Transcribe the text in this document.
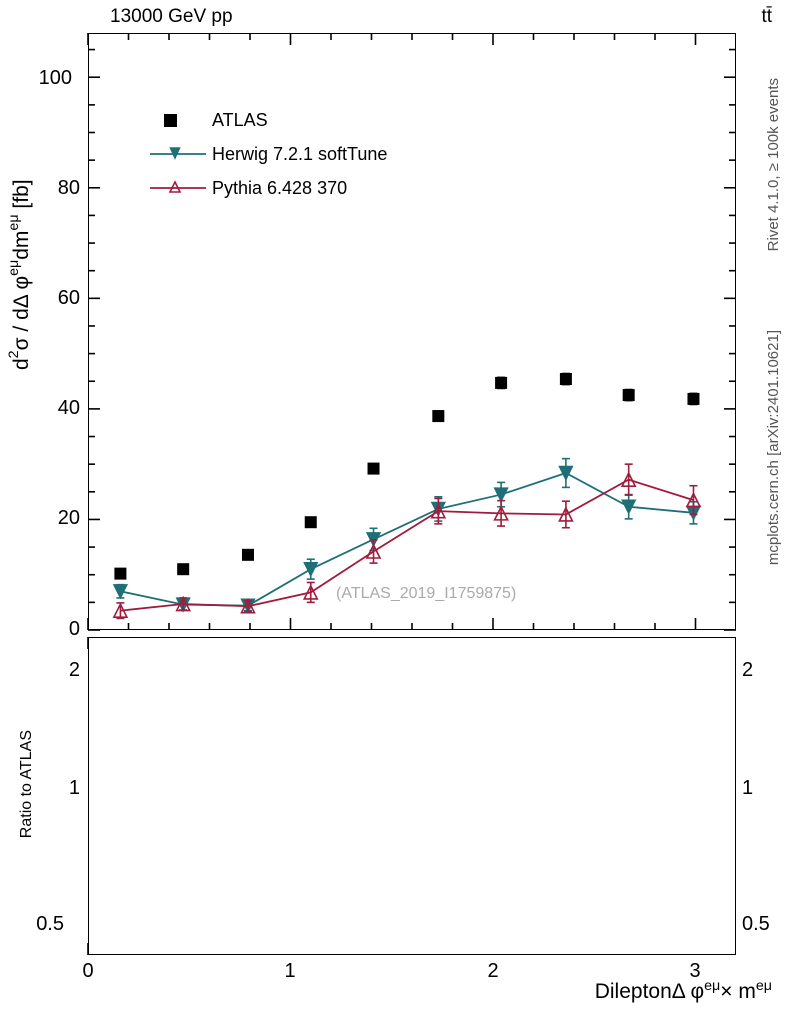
13000 GeV pp	tt̄
$d^2\sigma$ / dΔ $\varphi^{e\mu}dm^{e\mu}$ [fb]	Rivet 4.1.0, ≥ 100k events
mcplots.cern.ch [arXiv:2401.10621]
0
20
40
60
80
100
ATLAS
Herwig 7.2.1 softTune
Pythia 6.428 370
(ATLAS_2019_I1759875)
Ratio to ATLAS
2
1
0.5
2
1
0.5
0	1	2	3
DileptonΔ $\varphi^{e\mu}\times m^{e\mu}$
